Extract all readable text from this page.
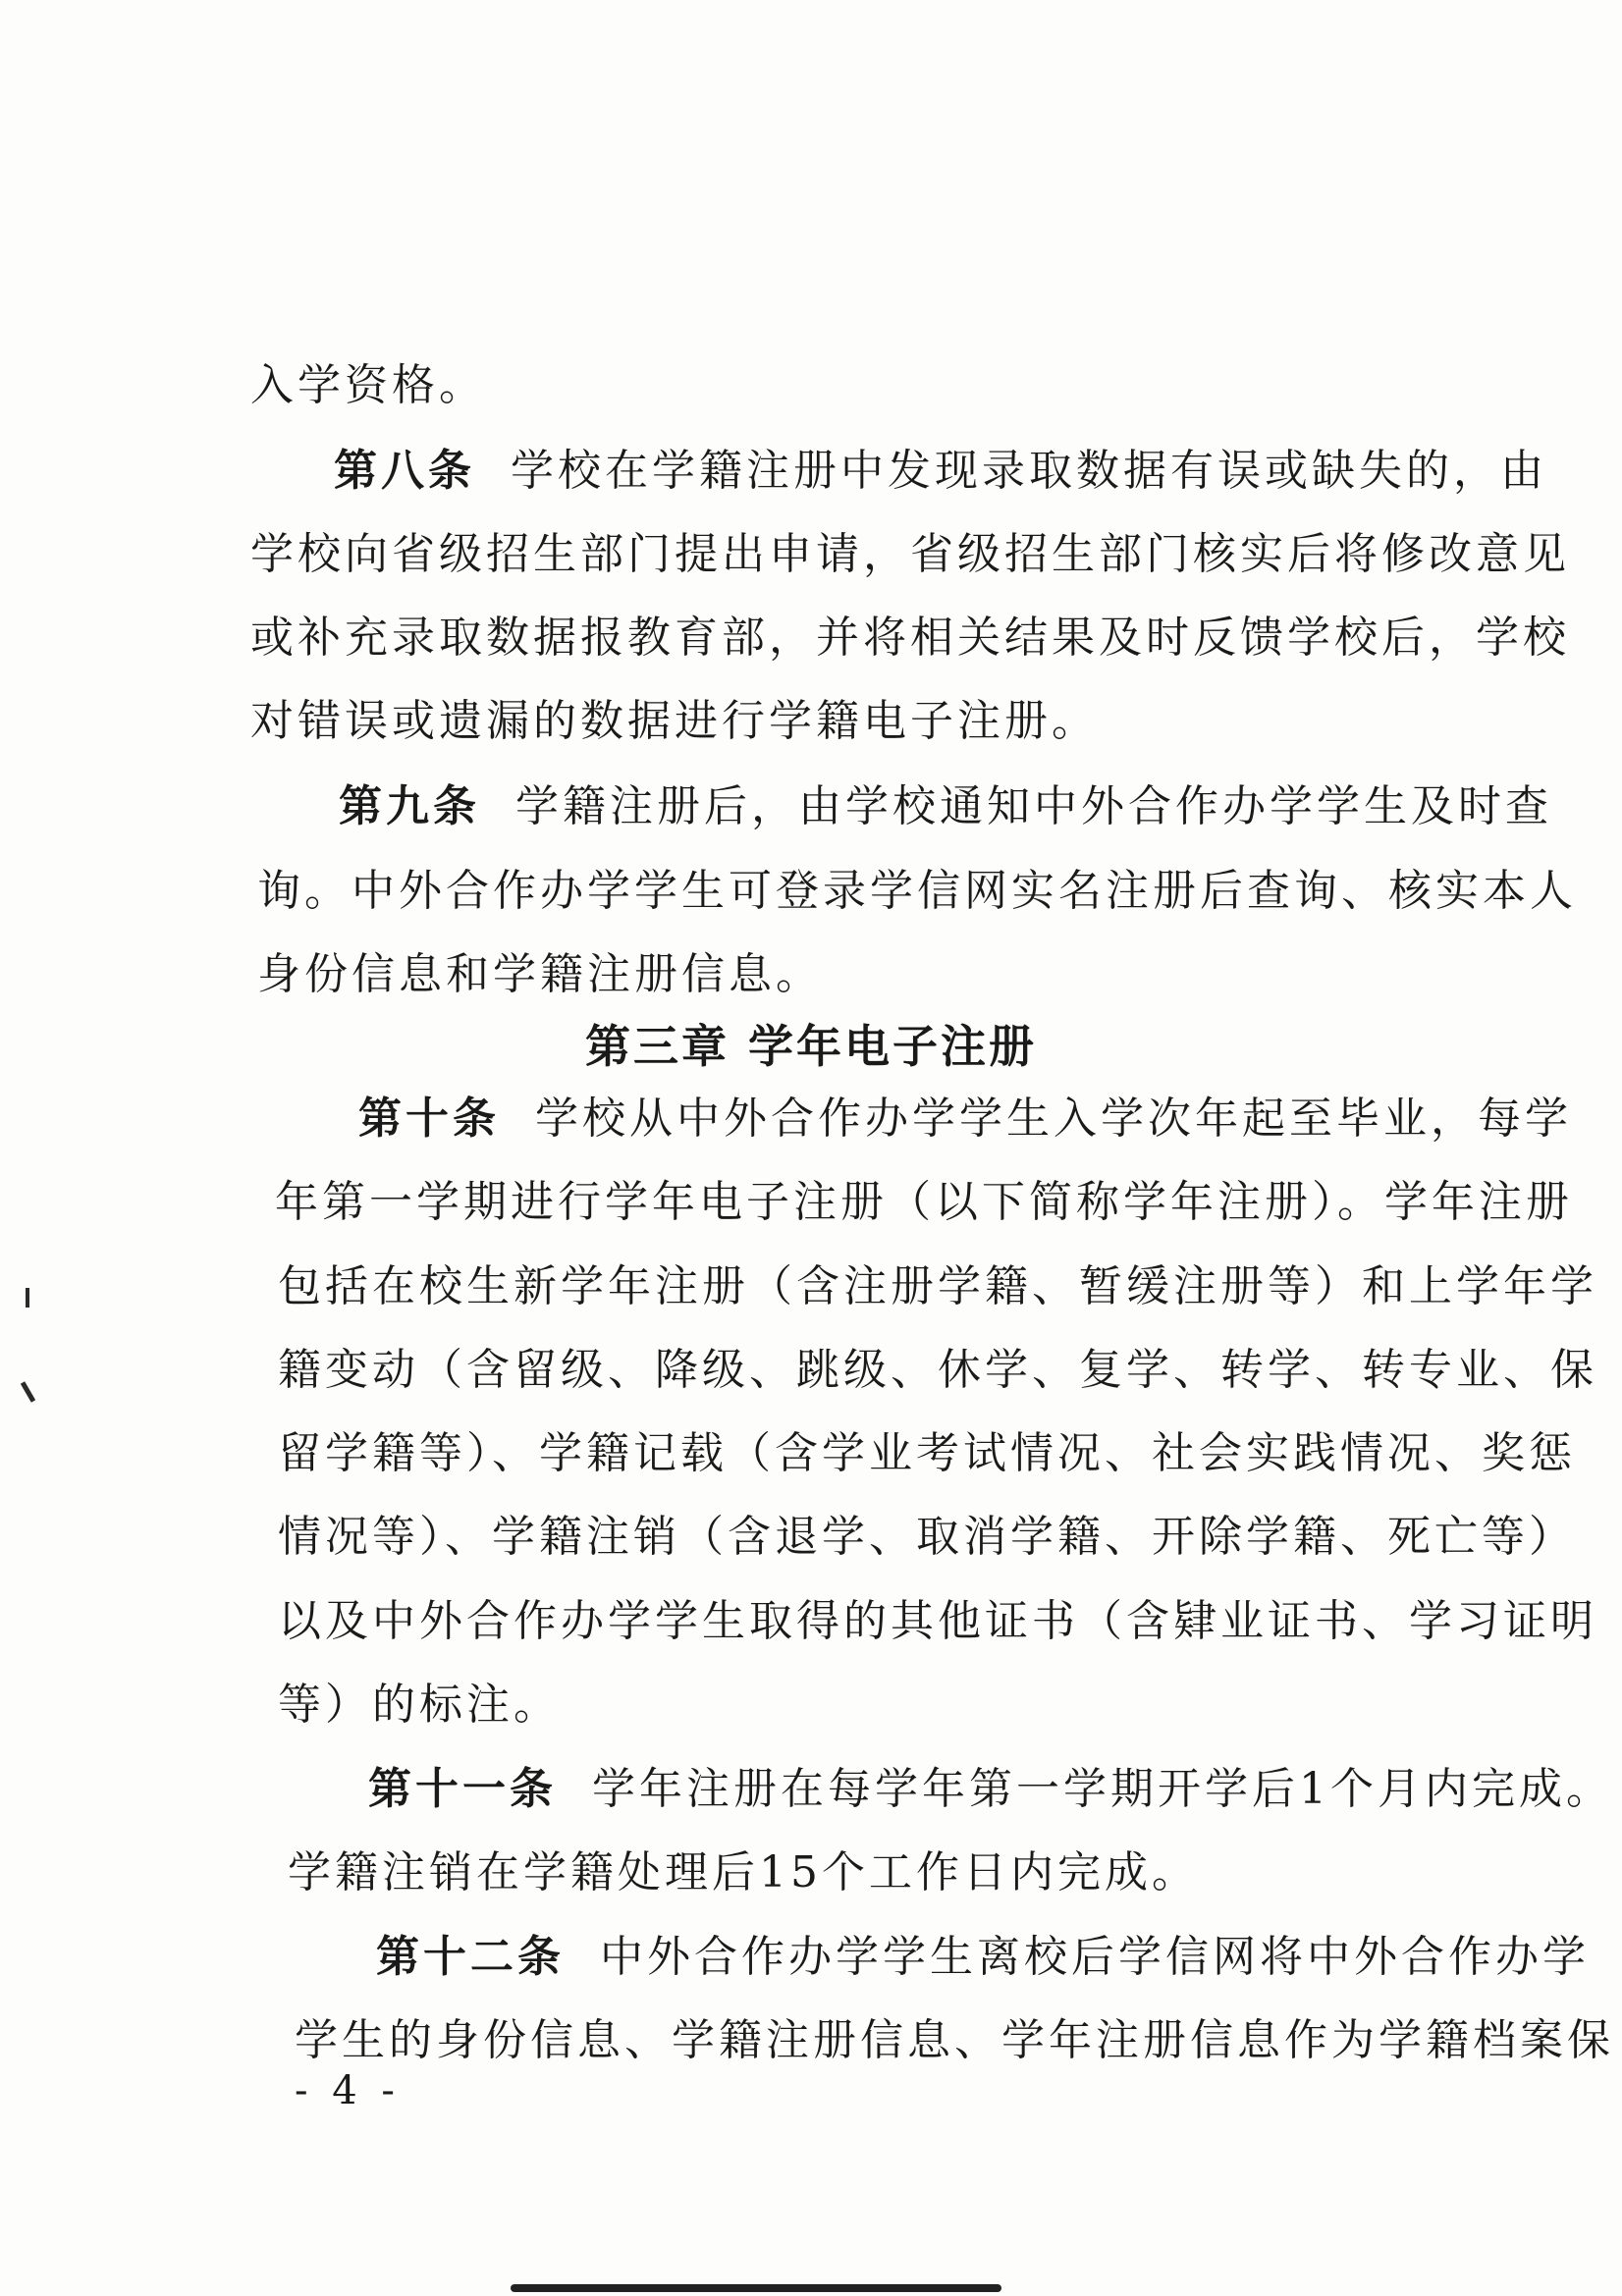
入学资格。
第八条 学校在学籍注册中发现录取数据有误或缺失的，由
学校向省级招生部门提出申请，省级招生部门核实后将修改意见
或补充录取数据报教育部，并将相关结果及时反馈学校后，学校
对错误或遗漏的数据进行学籍电子注册。
第九条 学籍注册后，由学校通知中外合作办学学生及时查
询。中外合作办学学生可登录学信网实名注册后查询、核实本人
身份信息和学籍注册信息。
第三章 学年电子注册
第十条 学校从中外合作办学学生入学次年起至毕业，每学
年第一学期进行学年电子注册（以下简称学年注册）。学年注册
包括在校生新学年注册（含注册学籍、暂缓注册等）和上学年学
籍变动（含留级、降级、跳级、休学、复学、转学、转专业、保
留学籍等）、学籍记载（含学业考试情况、社会实践情况、奖惩
情况等）、学籍注销（含退学、取消学籍、开除学籍、死亡等）
以及中外合作办学学生取得的其他证书（含肄业证书、学习证明
等）的标注。
第十一条 学年注册在每学年第一学期开学后1个月内完成。
学籍注销在学籍处理后15个工作日内完成。
第十二条 中外合作办学学生离校后学信网将中外合作办学
学生的身份信息、学籍注册信息、学年注册信息作为学籍档案保
- 4 -
